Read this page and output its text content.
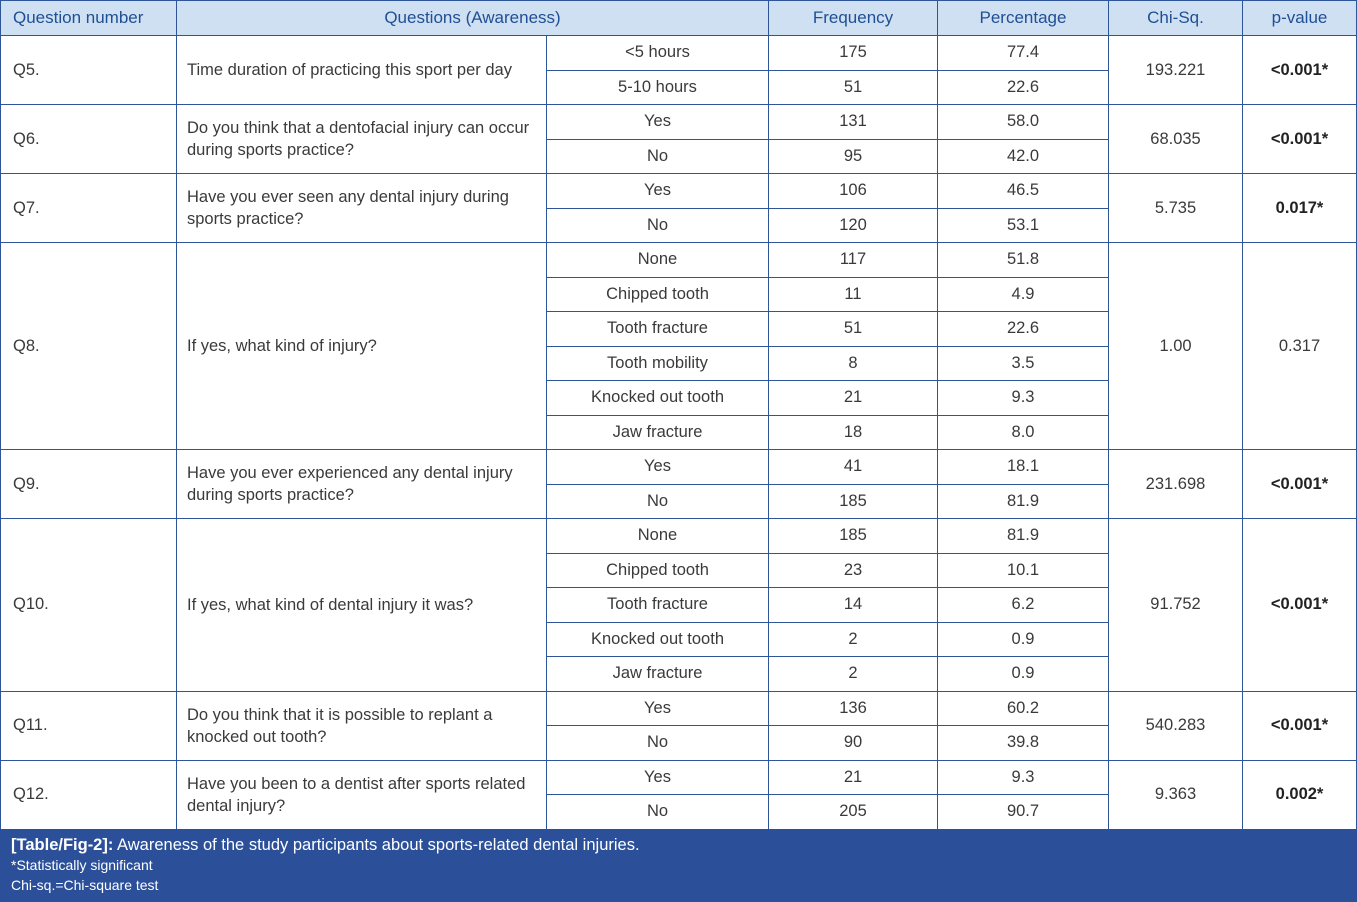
Question number	Questions (Awareness)		Frequency	Percentage	Chi-Sq.	p-value
Q5.	Time duration of practicing this sport per day	<5 hours	175	77.4	193.221	<0.001*
		5-10 hours	51	22.6		
Q6.	Do you think that a dentofacial injury can occur during sports practice?	Yes	131	58.0	68.035	<0.001*
		No	95	42.0		
Q7.	Have you ever seen any dental injury during sports practice?	Yes	106	46.5	5.735	0.017*
		No	120	53.1		
Q8.	If yes, what kind of injury?	None	117	51.8	1.00	0.317
		Chipped tooth	11	4.9		
		Tooth fracture	51	22.6		
		Tooth mobility	8	3.5		
		Knocked out tooth	21	9.3		
		Jaw fracture	18	8.0		
Q9.	Have you ever experienced any dental injury during sports practice?	Yes	41	18.1	231.698	<0.001*
		No	185	81.9		
Q10.	If yes, what kind of dental injury it was?	None	185	81.9	91.752	<0.001*
		Chipped tooth	23	10.1		
		Tooth fracture	14	6.2		
		Knocked out tooth	2	0.9		
		Jaw fracture	2	0.9		
Q11.	Do you think that it is possible to replant a knocked out tooth?	Yes	136	60.2	540.283	<0.001*
		No	90	39.8		
Q12.	Have you been to a dentist after sports related dental injury?	Yes	21	9.3	9.363	0.002*
		No	205	90.7		
[Table/Fig-2]: Awareness of the study participants about sports-related dental injuries.
*Statistically significant
Chi-sq.=Chi-square test
